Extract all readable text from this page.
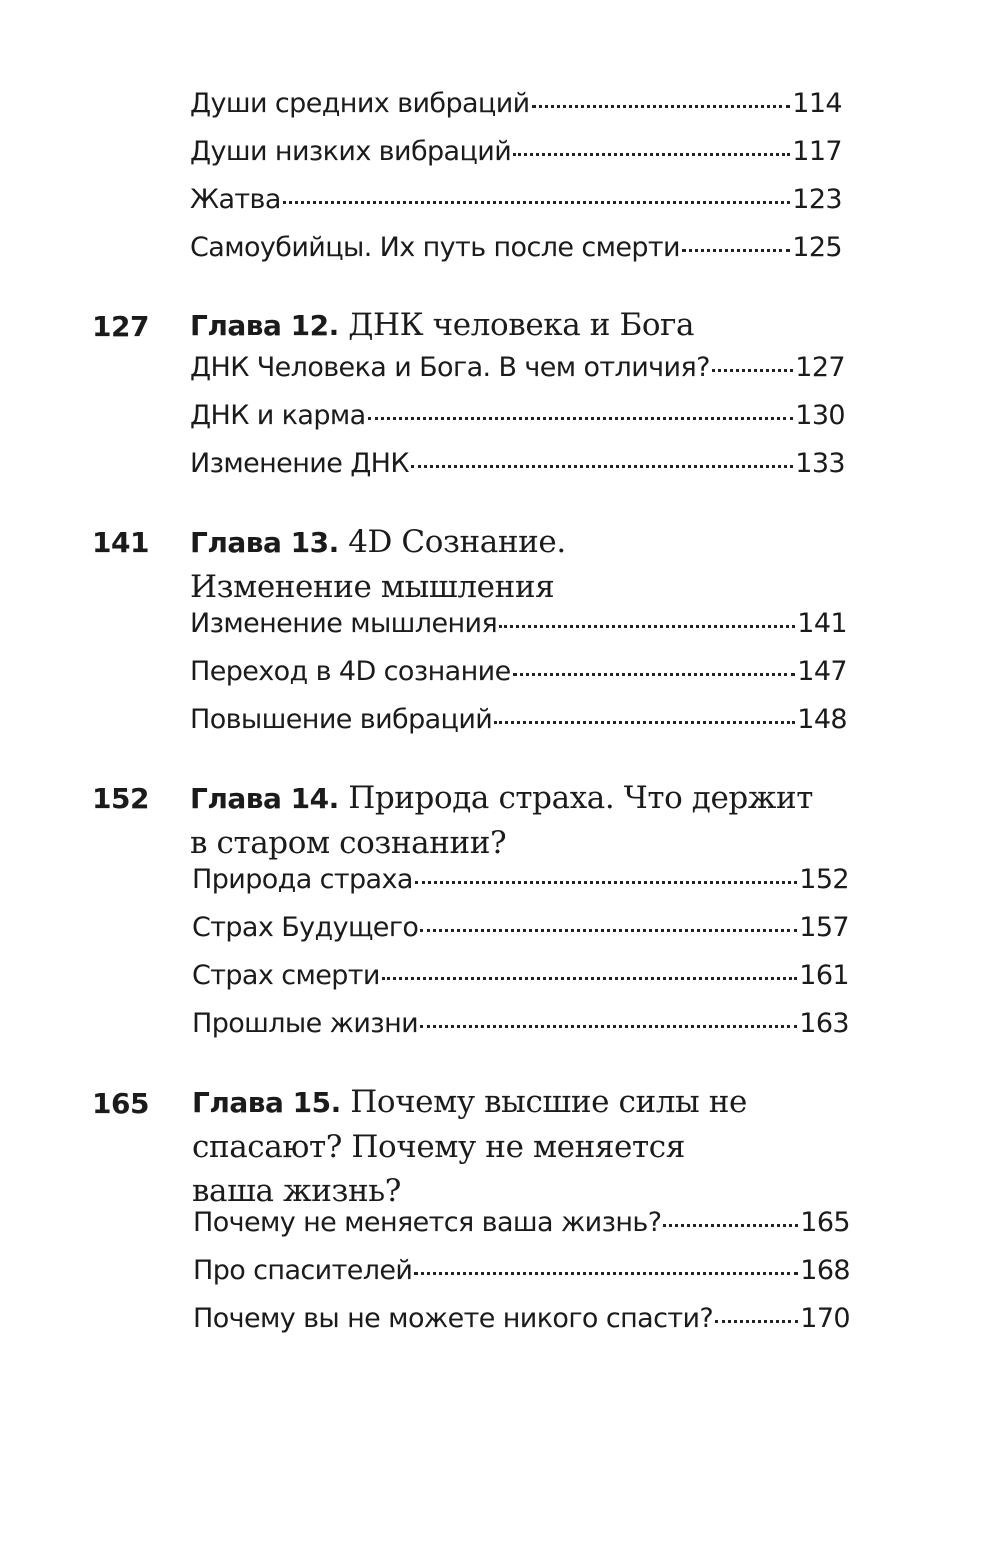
Души средних вибраций	114
Души низких вибраций	117
Жатва	123
Самоубийцы. Их путь после смерти	125
127	Глава 12. ДНК человека и Бога
ДНК Человека и Бога. В чем отличия?	127
ДНК и карма	130
Изменение ДНК	133
141	Глава 13. 4D Сознание. Изменение мышления
Изменение мышления	141
Переход в 4D сознание	147
Повышение вибраций	148
152	Глава 14. Природа страха. Что держит в старом сознании?
Природа страха	152
Страх Будущего	157
Страх смерти	161
Прошлые жизни	163
165	Глава 15. Почему высшие силы не спасают? Почему не меняется ваша жизнь?
Почему не меняется ваша жизнь?	165
Про спасителей	168
Почему вы не можете никого спасти?	170
